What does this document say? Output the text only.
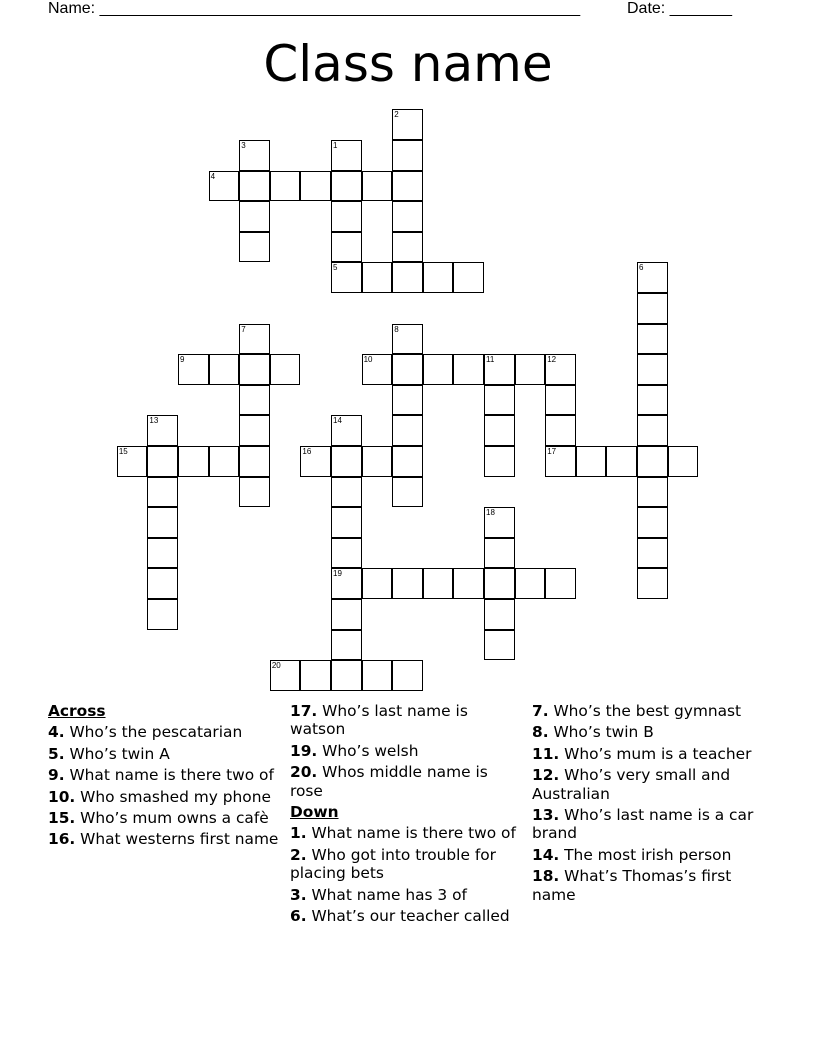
Name: ______________________________________________________	Date: _______
Class name
1
2
3
4
5	6
7	8
9	10	11	12
17
13	14
19
15	16
18
20
Across
4. Who’s the pescatarian
5. Who’s twin A
9. What name is there two of
10. Who smashed my phone
15. Who’s mum owns a cafè
16. What westerns first name
17. Who’s last name is watson
19. Who’s welsh
20. Whos middle name is rose
Down
1. What name is there two of
2. Who got into trouble for placing bets
3. What name has 3 of
6. What’s our teacher called
7. Who’s the best gymnast
8. Who’s twin B
11. Who’s mum is a teacher
12. Who’s very small and Australian
13. Who’s last name is a car brand
14. The most irish person
18. What’s Thomas’s first name
